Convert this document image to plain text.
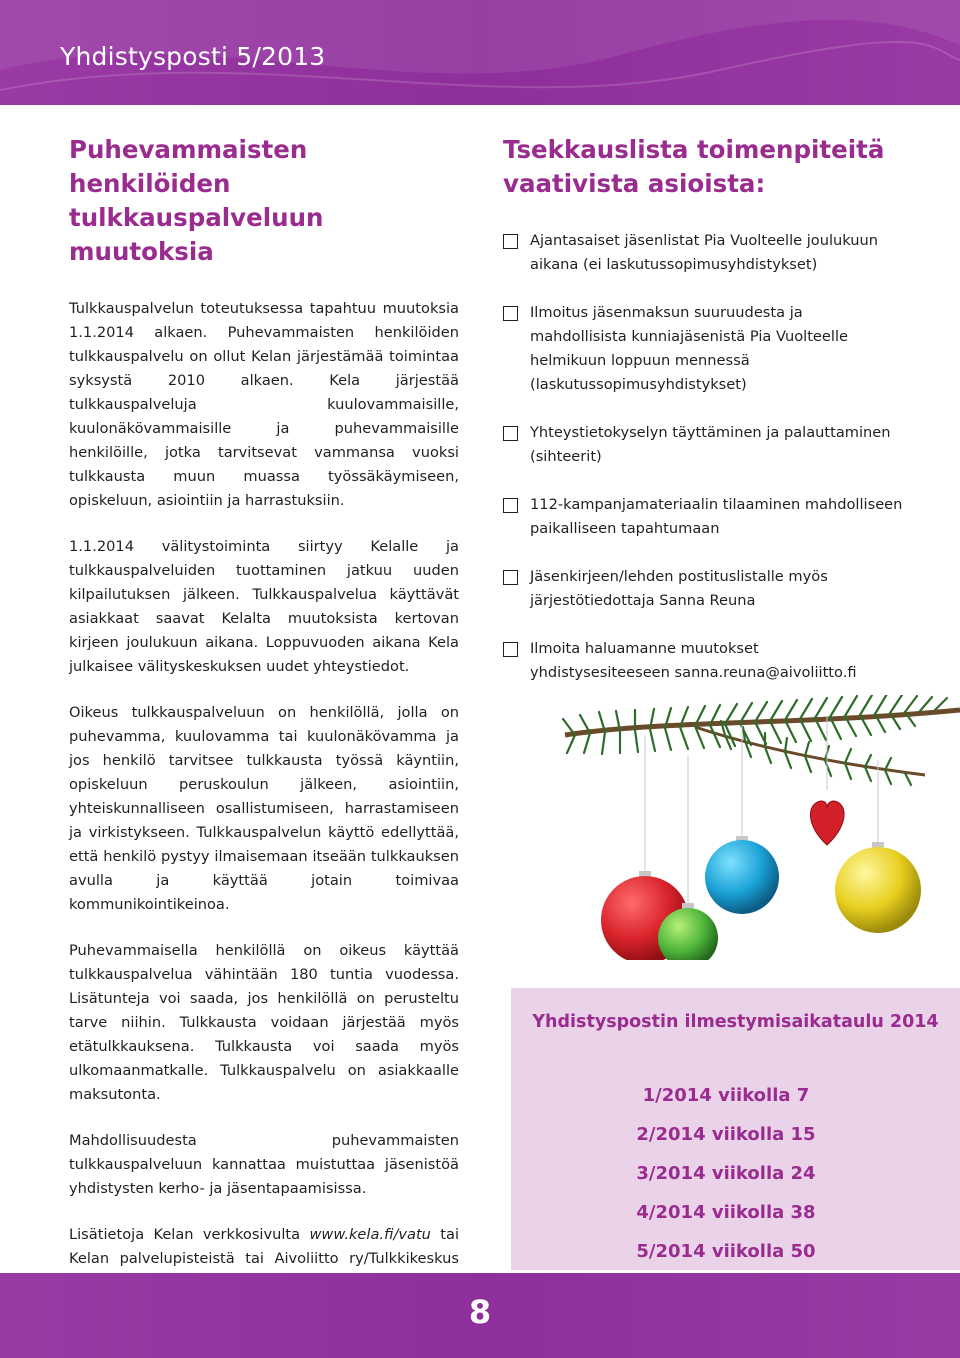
Yhdistysposti 5/2013
Puhevammaisten henkilöiden tulkkauspalveluun muutoksia

Tulkkauspalvelun toteutuksessa tapahtuu muutoksia 1.1.2014 alkaen. Puhevammaisten henkilöiden tulkkauspalvelu on ollut Kelan järjestämää toimintaa syksystä 2010 alkaen. Kela järjestää tulkkauspalveluja kuulovammaisille, kuulonäkövammaisille ja puhevammaisille henkilöille, jotka tarvitsevat vammansa vuoksi tulkkausta muun muassa työssäkäymiseen, opiskeluun, asiointiin ja harrastuksiin.

1.1.2014 välitystoiminta siirtyy Kelalle ja tulkkauspalveluiden tuottaminen jatkuu uuden kilpailutuksen jälkeen. Tulkkauspalvelua käyttävät asiakkaat saavat Kelalta muutoksista kertovan kirjeen joulukuun aikana. Loppuvuoden aikana Kela julkaisee välityskeskuksen uudet yhteystiedot.

Oikeus tulkkauspalveluun on henkilöllä, jolla on puhevamma, kuulovamma tai kuulonäkövamma ja jos henkilö tarvitsee tulkkausta työssä käyntiin, opiskeluun peruskoulun jälkeen, asiointiin, yhteiskunnalliseen osallistumiseen, harrastamiseen ja virkistykseen. Tulkkauspalvelun käyttö edellyttää, että henkilö pystyy ilmaisemaan itseään tulkkauksen avulla ja käyttää jotain toimivaa kommunikointikeinoa.

Puhevammaisella henkilöllä on oikeus käyttää tulkkauspalvelua vähintään 180 tuntia vuodessa. Lisätunteja voi saada, jos henkilöllä on perusteltu tarve niihin. Tulkkausta voidaan järjestää myös etätulkkauksena. Tulkkausta voi saada myös ulkomaanmatkalle. Tulkkauspalvelu on asiakkaalle maksutonta.

Mahdollisuudesta puhevammaisten tulkkauspalveluun kannattaa muistuttaa jäsenistöä yhdistysten kerho- ja jäsentapaamisissa.

Lisätietoja Kelan verkkosivulta www.kela.fi/vatu tai Kelan palvelupisteistä tai Aivoliitto ry/Tulkkikeskus

Tsekkauslista toimenpiteitä vaativista asioista:
Ajantasaiset jäsenlistat Pia Vuolteelle joulukuun aikana (ei laskutussopimusyhdistykset)
Ilmoitus jäsenmaksun suuruudesta ja mahdollisista kunniajäsenistä Pia Vuolteelle helmikuun loppuun mennessä (laskutussopimusyhdistykset)
Yhteystietokyselyn täyttäminen ja palauttaminen (sihteerit)
112-kampanjamateriaalin tilaaminen mahdolliseen paikalliseen tapahtumaan
Jäsenkirjeen/lehden postituslistalle myös järjestötiedottaja Sanna Reuna
Ilmoita haluamanne muutokset yhdistysesiteeseen sanna.reuna@aivoliitto.fi
Yhdistyspostin ilmestymisaikataulu 2014
1/2014 viikolla 7
2/2014 viikolla 15
3/2014 viikolla 24
4/2014 viikolla 38
5/2014 viikolla 50
8
